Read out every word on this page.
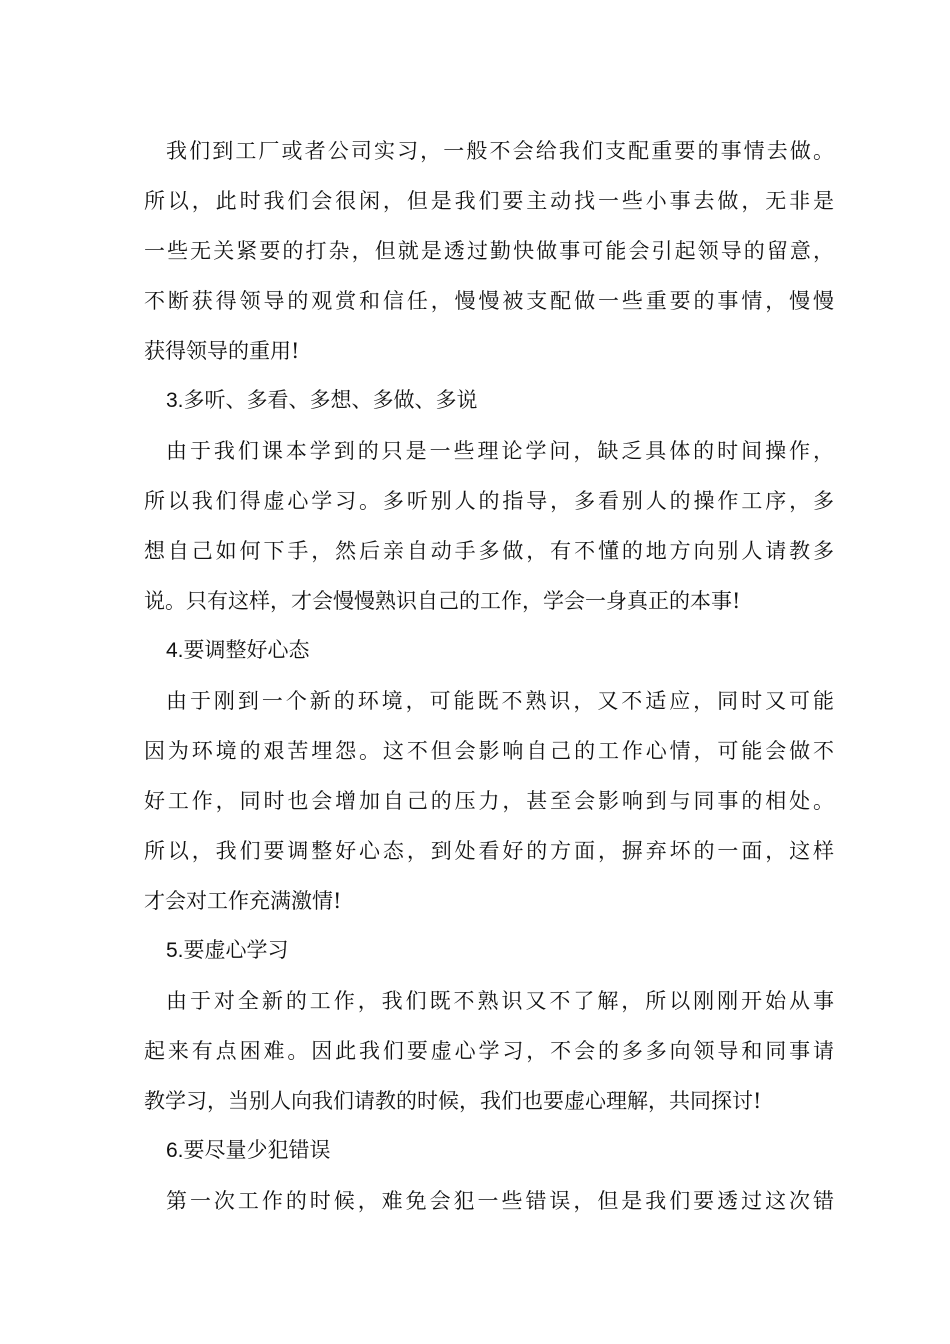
我们到工厂或者公司实习，一般不会给我们支配重要的事情去做。
所以，此时我们会很闲，但是我们要主动找一些小事去做，无非是
一些无关紧要的打杂，但就是透过勤快做事可能会引起领导的留意，
不断获得领导的观赏和信任，慢慢被支配做一些重要的事情，慢慢
获得领导的重用!
3.多听、多看、多想、多做、多说
由于我们课本学到的只是一些理论学问，缺乏具体的时间操作，
所以我们得虚心学习。多听别人的指导，多看别人的操作工序，多
想自己如何下手，然后亲自动手多做，有不懂的地方向别人请教多
说。只有这样，才会慢慢熟识自己的工作，学会一身真正的本事!
4.要调整好心态
由于刚到一个新的环境，可能既不熟识，又不适应，同时又可能
因为环境的艰苦埋怨。这不但会影响自己的工作心情，可能会做不
好工作，同时也会增加自己的压力，甚至会影响到与同事的相处。
所以，我们要调整好心态，到处看好的方面，摒弃坏的一面，这样
才会对工作充满激情!
5.要虚心学习
由于对全新的工作，我们既不熟识又不了解，所以刚刚开始从事
起来有点困难。因此我们要虚心学习，不会的多多向领导和同事请
教学习，当别人向我们请教的时候，我们也要虚心理解，共同探讨!
6.要尽量少犯错误
第一次工作的时候，难免会犯一些错误，但是我们要透过这次错
